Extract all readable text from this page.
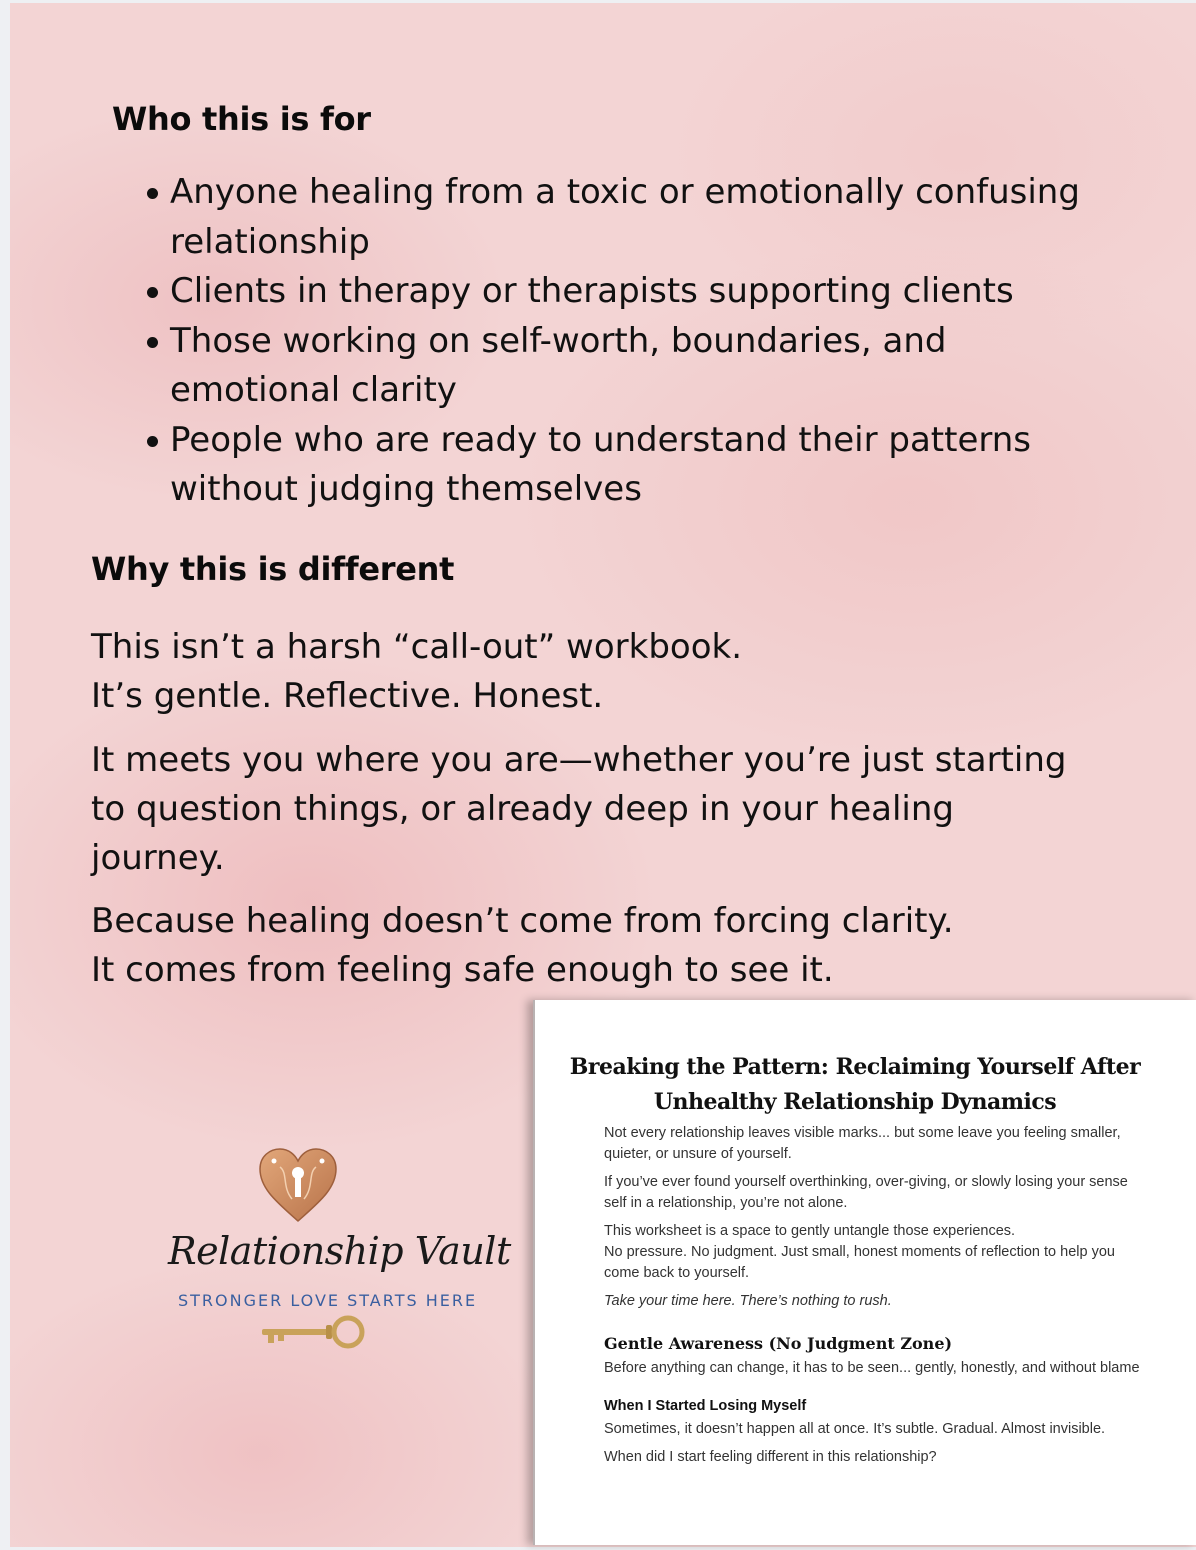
Who this is for
Anyone healing from a toxic or emotionally confusing
relationship
Clients in therapy or therapists supporting clients
Those working on self-worth, boundaries, and
emotional clarity
People who are ready to understand their patterns
without judging themselves
Why this is different

This isn’t a harsh “call-out” workbook.
It’s gentle. Reflective. Honest.

It meets you where you are—whether you’re just starting
to question things, or already deep in your healing
journey.

Because healing doesn’t come from forcing clarity.
It comes from feeling safe enough to see it.

Relationship Vault
STRONGER LOVE STARTS HERE
Breaking the Pattern: Reclaiming Yourself After
Unhealthy Relationship Dynamics
Not every relationship leaves visible marks... but some leave you feeling smaller,
quieter, or unsure of yourself.
If you’ve ever found yourself overthinking, over-giving, or slowly losing your sense
self in a relationship, you’re not alone.
This worksheet is a space to gently untangle those experiences.
No pressure. No judgment. Just small, honest moments of reflection to help you
come back to yourself.
Take your time here. There’s nothing to rush.
Gentle Awareness (No Judgment Zone)
Before anything can change, it has to be seen... gently, honestly, and without blame
When I Started Losing Myself
Sometimes, it doesn’t happen all at once. It’s subtle. Gradual. Almost invisible.
When did I start feeling different in this relationship?
